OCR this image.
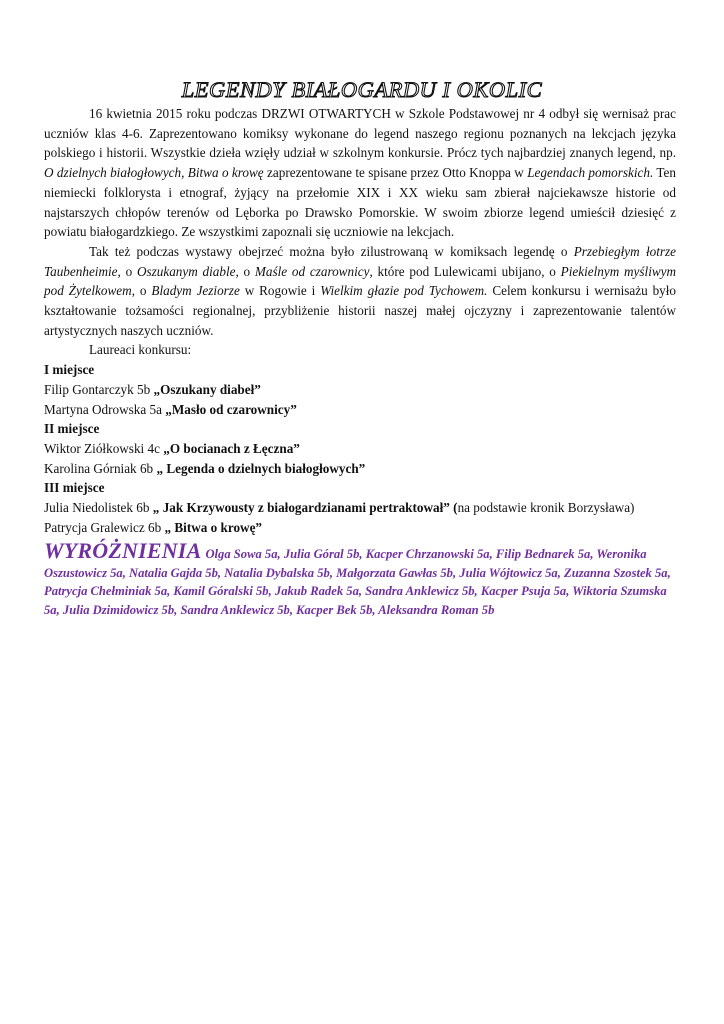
LEGENDY BIAŁOGARDU I OKOLIC

16 kwietnia 2015 roku podczas DRZWI OTWARTYCH w Szkole Podstawowej nr 4 odbył się wernisaż prac uczniów klas 4-6. Zaprezentowano komiksy wykonane do legend naszego regionu poznanych na lekcjach języka polskiego i historii. Wszystkie dzieła wzięły udział w szkolnym konkursie. Prócz tych najbardziej znanych legend, np. O dzielnych białogłowych, Bitwa o krowę zaprezentowane te spisane przez Otto Knoppa w Legendach pomorskich. Ten niemiecki folklorysta i etnograf, żyjący na przełomie XIX i XX wieku sam zbierał najciekawsze historie od najstarszych chłopów terenów od Lęborka po Drawsko Pomorskie. W swoim zbiorze legend umieścił dziesięć z powiatu białogardzkiego. Ze wszystkimi zapoznali się uczniowie na lekcjach.

Tak też podczas wystawy obejrzeć można było zilustrowaną w komiksach legendę o Przebiegłym łotrze Taubenheimie, o Oszukanym diable, o Maśle od czarownicy, które pod Lulewicami ubijano, o Piekielnym myśliwym pod Żytelkowem, o Bladym Jeziorze w Rogowie i Wielkim głazie pod Tychowem. Celem konkursu i wernisażu było kształtowanie tożsamości regionalnej, przybliżenie historii naszej małej ojczyzny i zaprezentowanie talentów artystycznych naszych uczniów.

Laureaci konkursu:
I miejsce
Filip Gontarczyk 5b „Oszukany diabeł”
Martyna Odrowska 5a „Masło od czarownicy”
II miejsce
Wiktor Ziółkowski 4c „O bocianach z Łęczna”
Karolina Górniak 6b „ Legenda o dzielnych białogłowych”
III miejsce
Julia Niedolistek 6b „ Jak Krzywousty z białogardzianami pertraktował” (na podstawie kronik Borzysława)
Patrycja Gralewicz 6b „ Bitwa o krowę”
WYRÓŻNIENIA Olga Sowa 5a, Julia Góral 5b, Kacper Chrzanowski 5a, Filip Bednarek 5a, Weronika Oszustowicz 5a, Natalia Gajda 5b, Natalia Dybalska 5b, Małgorzata Gawłas 5b, Julia Wójtowicz 5a, Zuzanna Szostek 5a, Patrycja Chełminiak 5a, Kamil Góralski 5b, Jakub Radek 5a, Sandra Anklewicz 5b, Kacper Psuja 5a, Wiktoria Szumska 5a, Julia Dzimidowicz 5b, Sandra Anklewicz 5b, Kacper Bek 5b, Aleksandra Roman 5b
